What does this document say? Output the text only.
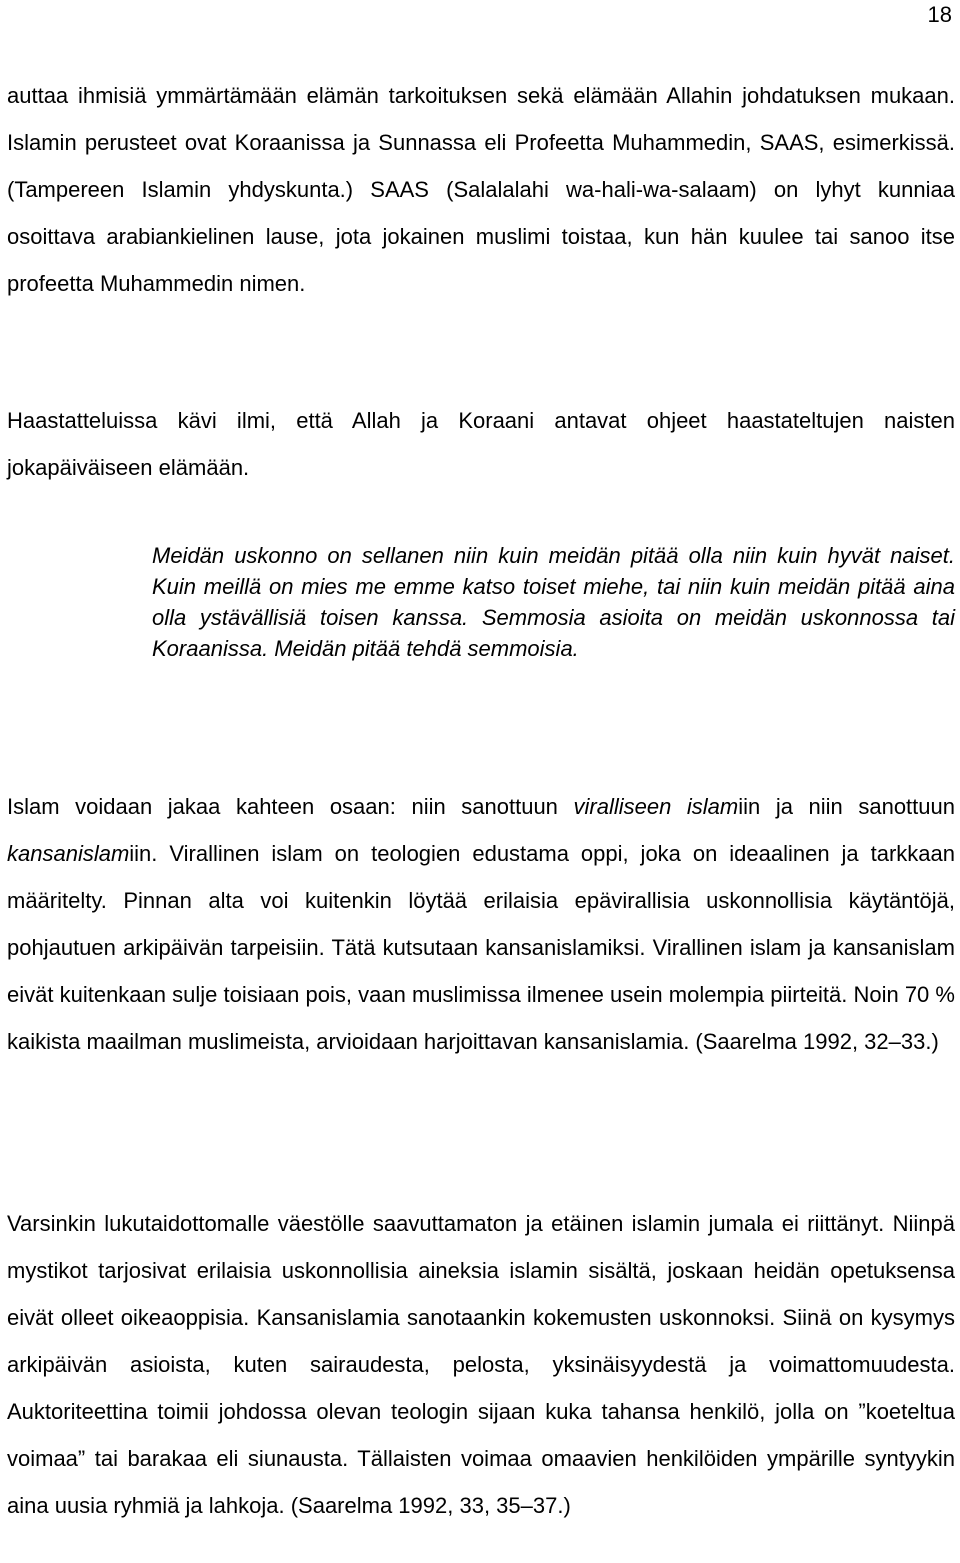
18

auttaa ihmisiä ymmärtämään elämän tarkoituksen sekä elämään Allahin johdatuksen mukaan. Islamin perusteet ovat Koraanissa ja Sunnassa eli Profeetta Muhammedin, SAAS, esimerkissä. (Tampereen Islamin yhdyskunta.) SAAS (Salalalahi wa-hali-wa-salaam) on lyhyt kunniaa osoittava arabiankielinen lause, jota jokainen muslimi toistaa, kun hän kuulee tai sanoo itse profeetta Muhammedin nimen.

Haastatteluissa kävi ilmi, että Allah ja Koraani antavat ohjeet haastateltujen naisten jokapäiväiseen elämään.

Meidän uskonno on sellanen niin kuin meidän pitää olla niin kuin hyvät naiset. Kuin meillä on mies me emme katso toiset miehe, tai niin kuin meidän pitää aina olla ystävällisiä toisen kanssa. Semmosia asioita on meidän uskonnossa tai Koraanissa. Meidän pitää tehdä semmoisia.

Islam voidaan jakaa kahteen osaan: niin sanottuun viralliseen islamiin ja niin sanottuun kansanislamiin. Virallinen islam on teologien edustama oppi, joka on ideaalinen ja tarkkaan määritelty. Pinnan alta voi kuitenkin löytää erilaisia epävirallisia uskonnollisia käytäntöjä, pohjautuen arkipäivän tarpeisiin. Tätä kutsutaan kansanislamiksi. Virallinen islam ja kansanislam eivät kuitenkaan sulje toisiaan pois, vaan muslimissa ilmenee usein molempia piirteitä. Noin 70 % kaikista maailman muslimeista, arvioidaan harjoittavan kansanislamia. (Saarelma 1992, 32–33.)

Varsinkin lukutaidottomalle väestölle saavuttamaton ja etäinen islamin jumala ei riittänyt. Niinpä mystikot tarjosivat erilaisia uskonnollisia aineksia islamin sisältä, joskaan heidän opetuksensa eivät olleet oikeaoppisia. Kansanislamia sanotaankin kokemusten uskonnoksi. Siinä on kysymys arkipäivän asioista, kuten sairaudesta, pelosta, yksinäisyydestä ja voimattomuudesta. Auktoriteettina toimii johdossa olevan teologin sijaan kuka tahansa henkilö, jolla on ”koeteltua voimaa” tai barakaa eli siunausta. Tällaisten voimaa omaavien henkilöiden ympärille syntyykin aina uusia ryhmiä ja lahkoja. (Saarelma 1992, 33, 35–37.)
